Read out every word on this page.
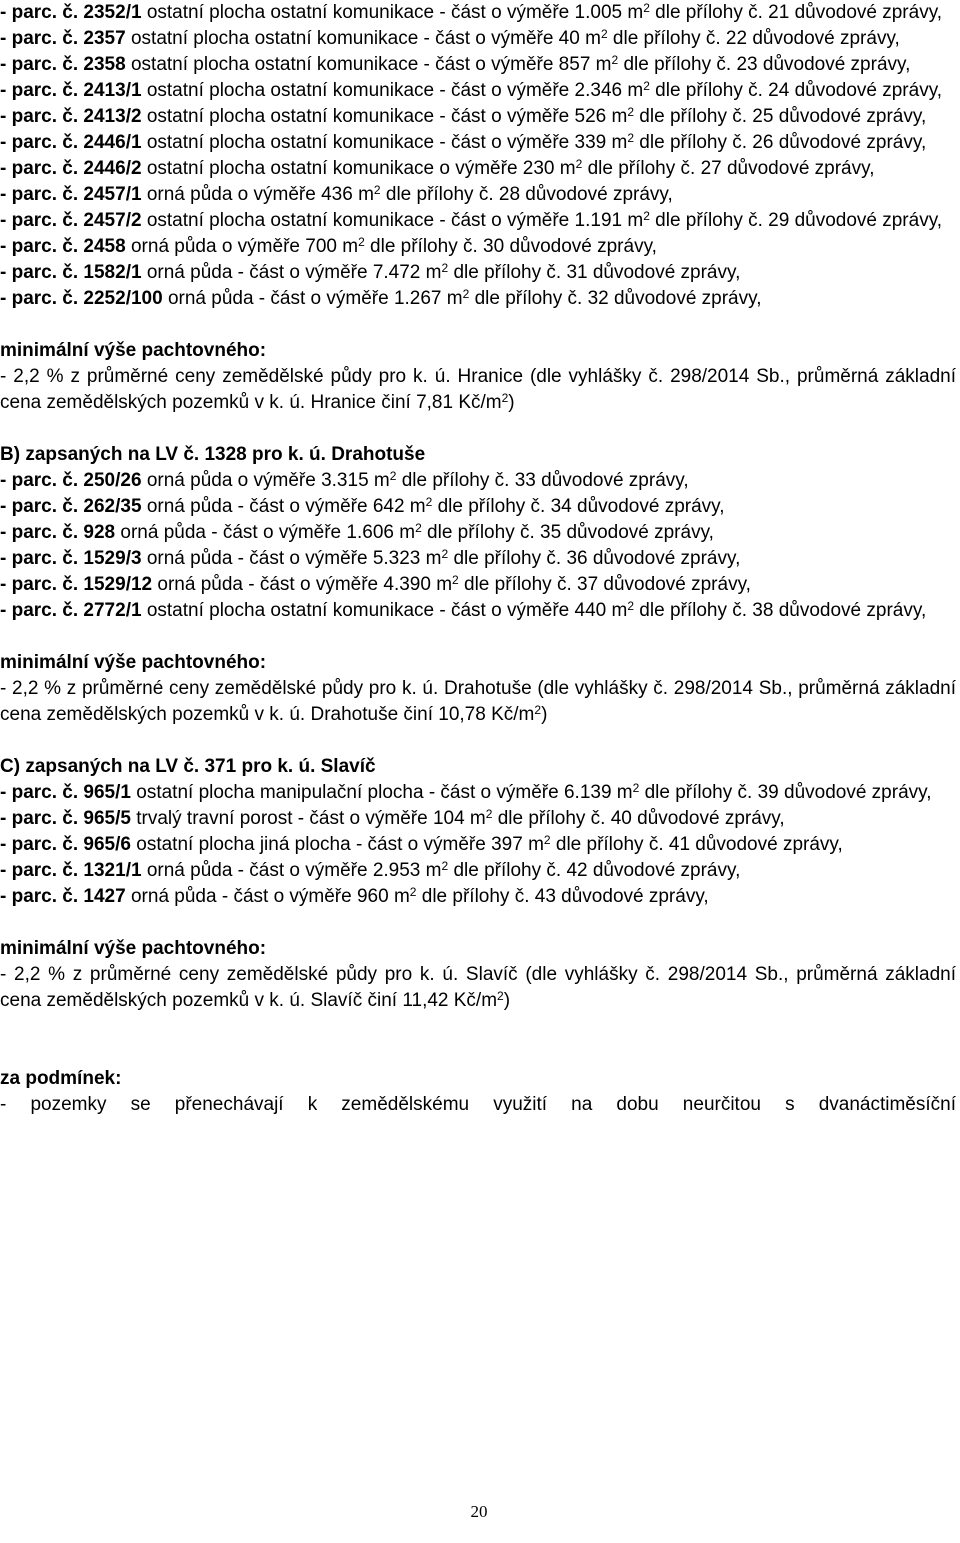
- parc. č. 2352/1 ostatní plocha ostatní komunikace - část o výměře 1.005 $m^2$ dle přílohy č. 21 důvodové zprávy,

- parc. č. 2357 ostatní plocha ostatní komunikace - část o výměře 40 $m^2$ dle přílohy č. 22 důvodové zprávy,

- parc. č. 2358 ostatní plocha ostatní komunikace - část o výměře 857 $m^2$ dle přílohy č. 23 důvodové zprávy,

- parc. č. 2413/1 ostatní plocha ostatní komunikace - část o výměře 2.346 $m^2$ dle přílohy č. 24 důvodové zprávy,

- parc. č. 2413/2 ostatní plocha ostatní komunikace - část o výměře 526 $m^2$ dle přílohy č. 25 důvodové zprávy,

- parc. č. 2446/1 ostatní plocha ostatní komunikace - část o výměře 339 $m^2$ dle přílohy č. 26 důvodové zprávy,

- parc. č. 2446/2 ostatní plocha ostatní komunikace o výměře 230 $m^2$ dle přílohy č. 27 důvodové zprávy,

- parc. č. 2457/1 orná půda o výměře 436 $m^2$ dle přílohy č. 28 důvodové zprávy,

- parc. č. 2457/2 ostatní plocha ostatní komunikace - část o výměře 1.191 $m^2$ dle přílohy č. 29 důvodové zprávy,

- parc. č. 2458 orná půda o výměře 700 $m^2$ dle přílohy č. 30 důvodové zprávy,

- parc. č. 1582/1 orná půda - část o výměře 7.472 $m^2$ dle přílohy č. 31 důvodové zprávy,

- parc. č. 2252/100 orná půda - část o výměře 1.267 $m^2$ dle přílohy č. 32 důvodové zprávy,

minimální výše pachtovného:

- 2,2 % z průměrné ceny zemědělské půdy pro k. ú. Hranice (dle vyhlášky č. 298/2014 Sb., průměrná základní cena zemědělských pozemků v k. ú. Hranice činí 7,81 $Kč/m^2$)

B) zapsaných na LV č. 1328 pro k. ú. Drahotuše

- parc. č. 250/26 orná půda o výměře 3.315 $m^2$ dle přílohy č. 33 důvodové zprávy,

- parc. č. 262/35 orná půda - část o výměře 642 $m^2$ dle přílohy č. 34 důvodové zprávy,

- parc. č. 928 orná půda - část o výměře 1.606 $m^2$ dle přílohy č. 35 důvodové zprávy,

- parc. č. 1529/3 orná půda - část o výměře 5.323 $m^2$ dle přílohy č. 36 důvodové zprávy,

- parc. č. 1529/12 orná půda - část o výměře 4.390 $m^2$ dle přílohy č. 37 důvodové zprávy,

- parc. č. 2772/1 ostatní plocha ostatní komunikace - část o výměře 440 $m^2$ dle přílohy č. 38 důvodové zprávy,

minimální výše pachtovného:

- 2,2 % z průměrné ceny zemědělské půdy pro k. ú. Drahotuše (dle vyhlášky č. 298/2014 Sb., průměrná základní cena zemědělských pozemků v k. ú. Drahotuše činí 10,78 $Kč/m^2$)

C) zapsaných na LV č. 371 pro k. ú. Slavíč

- parc. č. 965/1 ostatní plocha manipulační plocha - část o výměře 6.139 $m^2$ dle přílohy č. 39 důvodové zprávy,

- parc. č. 965/5 trvalý travní porost - část o výměře 104 $m^2$ dle přílohy č. 40 důvodové zprávy,

- parc. č. 965/6 ostatní plocha jiná plocha - část o výměře 397 $m^2$ dle přílohy č. 41 důvodové zprávy,

- parc. č. 1321/1 orná půda - část o výměře 2.953 $m^2$ dle přílohy č. 42 důvodové zprávy,

- parc. č. 1427 orná půda - část o výměře 960 $m^2$ dle přílohy č. 43 důvodové zprávy,

minimální výše pachtovného:

- 2,2 % z průměrné ceny zemědělské půdy pro k. ú. Slavíč (dle vyhlášky č. 298/2014 Sb., průměrná základní cena zemědělských pozemků v k. ú. Slavíč činí 11,42 $Kč/m^2$)

za podmínek:

- pozemky se přenechávají k zemědělskému využití na dobu neurčitou s dvanáctiměsíční

20
